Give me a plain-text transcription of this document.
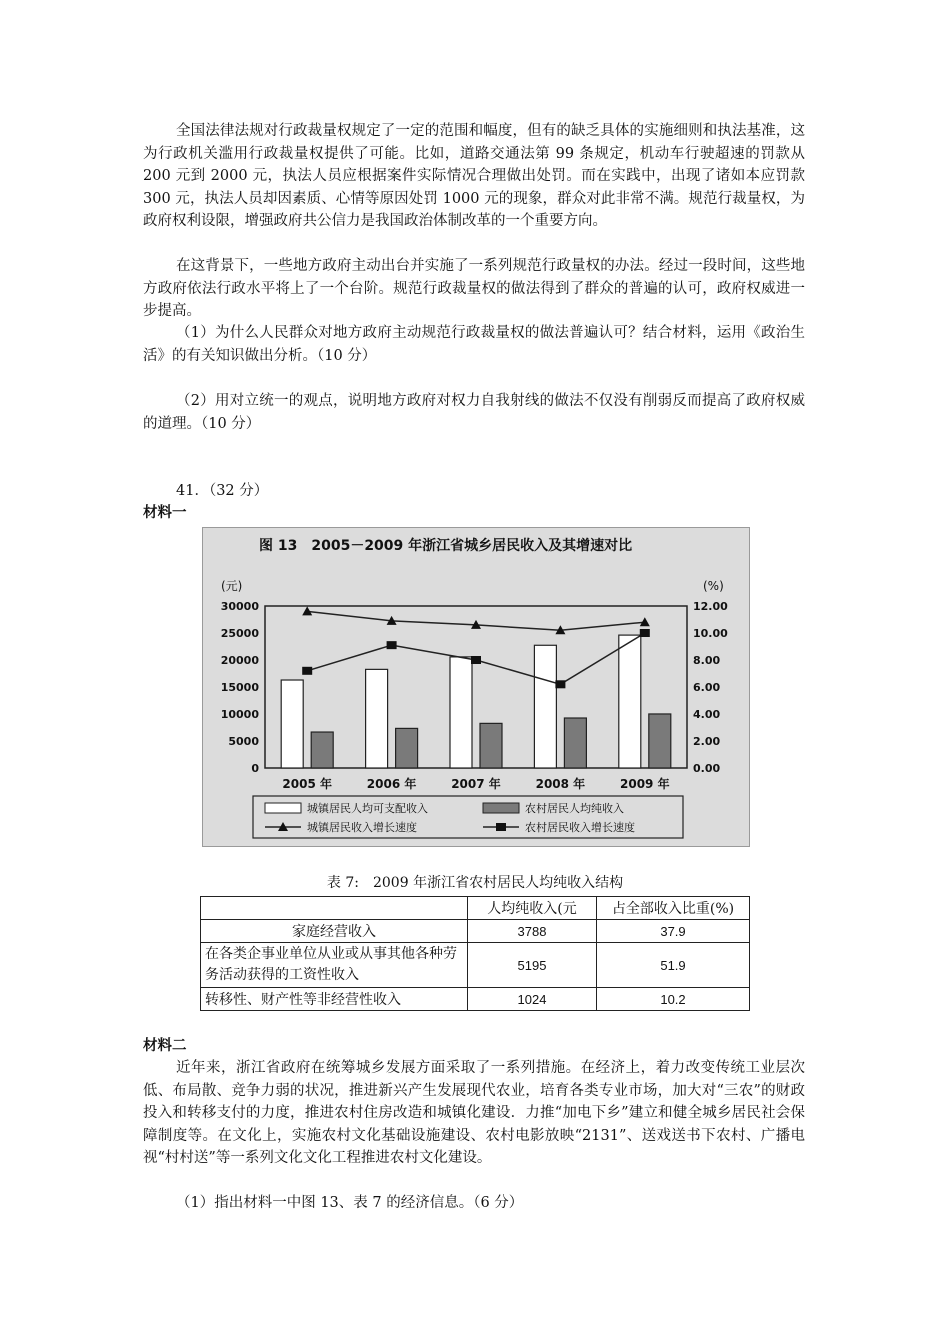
全国法律法规对行政裁量权规定了一定的范围和幅度，但有的缺乏具体的实施细则和执法基准，这为行政机关滥用行政裁量权提供了可能。比如，道路交通法第 99 条规定，机动车行驶超速的罚款从 200 元到 2000 元，执法人员应根据案件实际情况合理做出处罚。而在实践中，出现了诸如本应罚款 300 元，执法人员却因素质、心情等原因处罚 1000 元的现象，群众对此非常不满。规范行裁量权，为政府权利设限，增强政府共公信力是我国政治体制改革的一个重要方向。

在这背景下，一些地方政府主动出台并实施了一系列规范行政量权的办法。经过一段时间，这些地方政府依法行政水平将上了一个台阶。规范行政裁量权的做法得到了群众的普遍的认可，政府权威进一步提高。

（1）为什么人民群众对地方政府主动规范行政裁量权的做法普遍认可？结合材料，运用《政治生活》的有关知识做出分析。（10 分）

（2）用对立统一的观点，说明地方政府对权力自我射线的做法不仅没有削弱反而提高了政府权威的道理。（10 分）

41．（32 分）

材料一

图 13　2005－2009 年浙江省城乡居民收入及其增速对比
(元)	(%)
30000
25000
20000
15000
10000
5000
0
12.00
10.00
8.00
6.00
4.00
2.00
0.00
2005 年	2006 年	2007 年	2008 年	2009 年
城镇居民人均可支配收入	农村居民人均纯收入
城镇居民收入增长速度	农村居民收入增长速度
表 7:　2009 年浙江省农村居民人均纯收入结构
	人均纯收入(元	占全部收入比重(%)
家庭经营收入	3788	37.9
在各类企事业单位从业或从事其他各种劳务活动获得的工资性收入	5195	51.9
转移性、财产性等非经营性收入	1024	10.2

材料二

近年来，浙江省政府在统筹城乡发展方面采取了一系列措施。在经济上，着力改变传统工业层次低、布局散、竞争力弱的状况，推进新兴产生发展现代农业，培育各类专业市场，加大对“三农”的财政投入和转移支付的力度，推进农村住房改造和城镇化建设．力推“加电下乡”建立和健全城乡居民社会保障制度等。在文化上，实施农村文化基础设施建设、农村电影放映“2131”、送戏送书下农村、广播电视“村村送”等一系列文化文化工程推进农村文化建设。

（1）指出材料一中图 13、表 7 的经济信息。（6 分）
